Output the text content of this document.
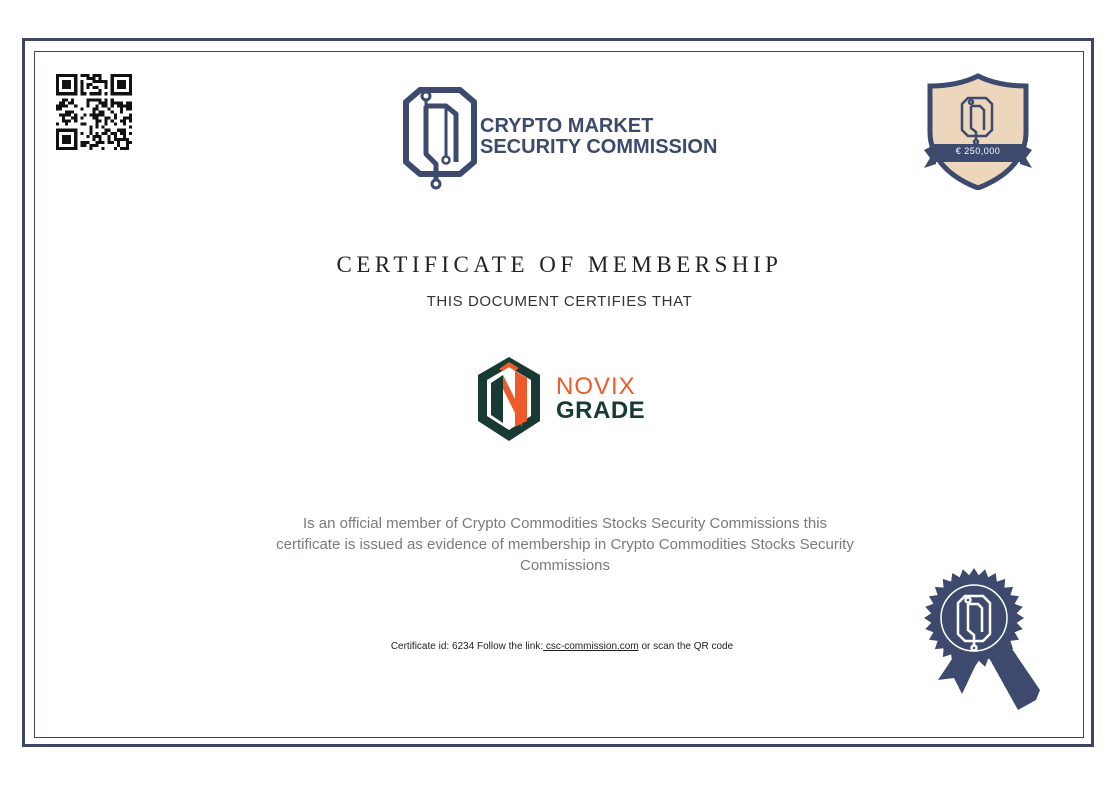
CRYPTO MARKET
SECURITY COMMISSION	€ 250,000
CERTIFICATE OF MEMBERSHIP
THIS DOCUMENT CERTIFIES THAT
NOVIX
GRADE
Is an official member of Crypto Commodities Stocks Security Commissions this certificate is issued as evidence of membership in Crypto Commodities Stocks Security Commissions
Certificate id: 6234 Follow the link: csc-commission.com or scan the QR code
